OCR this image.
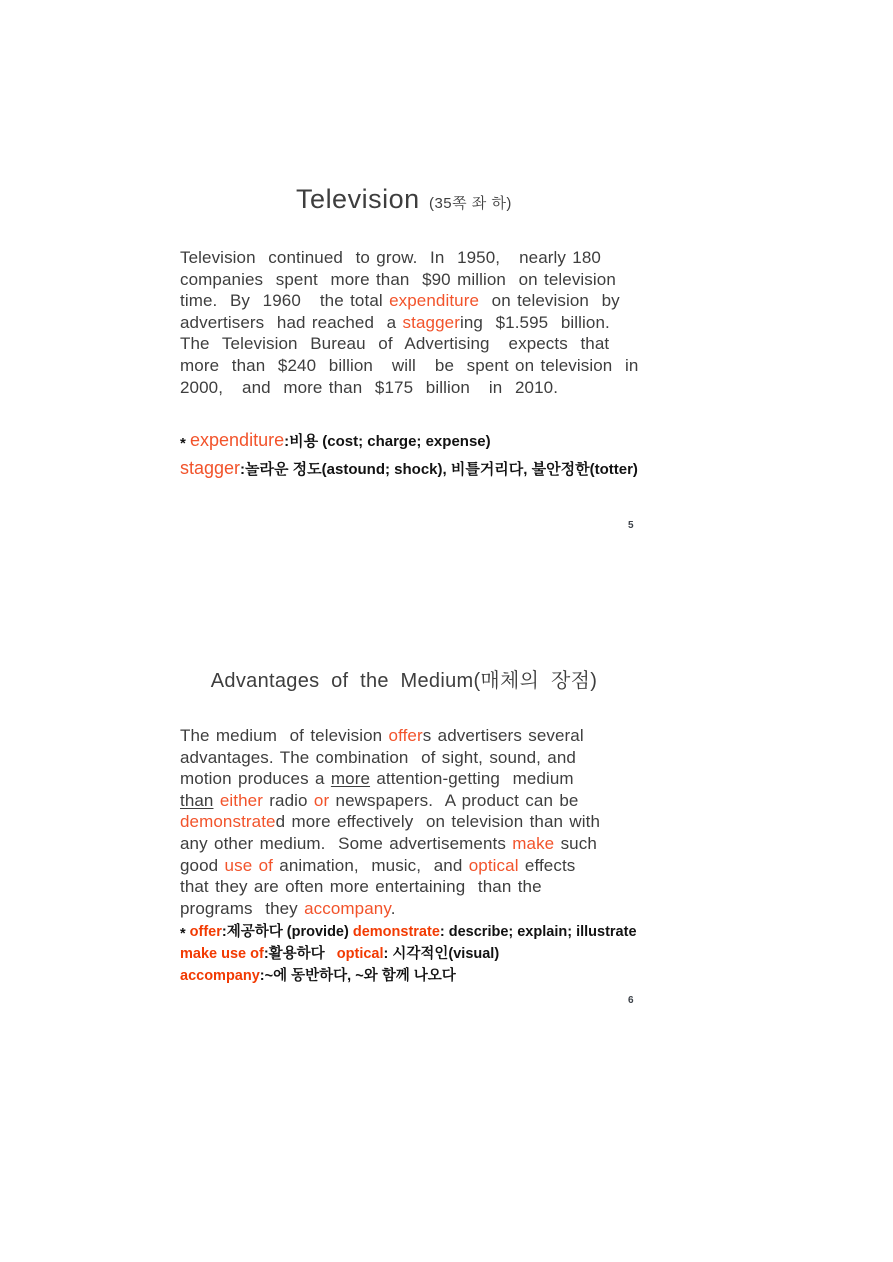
Television  (35쪽 좌 하)
Television  continued  to grow.  In  1950,   nearly 180
companies  spent  more than  $90 million  on television
time.  By  1960   the total expenditure  on television  by
advertisers  had reached  a staggering  $1.595  billion.
The  Television  Bureau  of  Advertising   expects  that
more  than  $240  billion   will   be  spent on television  in
2000,   and  more than  $175  billion   in  2010.
* expenditure:비용 (cost; charge; expense)
stagger:놀라운 정도(astound; shock), 비틀거리다, 불안정한(totter)
5
Advantages  of  the  Medium(매체의  장점)
The medium  of television offers advertisers several
advantages. The combination  of sight, sound, and
motion produces a more attention-getting  medium
than either radio or newspapers.  A product can be
demonstrated more effectively  on television than with
any other medium.  Some advertisements make such
good use of animation,  music,  and optical effects
that they are often more entertaining  than the
programs  they accompany.
* offer:제공하다 (provide) demonstrate: describe; explain; illustrate
make use of:활용하다   optical: 시각적인(visual)
accompany:~에 동반하다, ~와 함께 나오다
6
